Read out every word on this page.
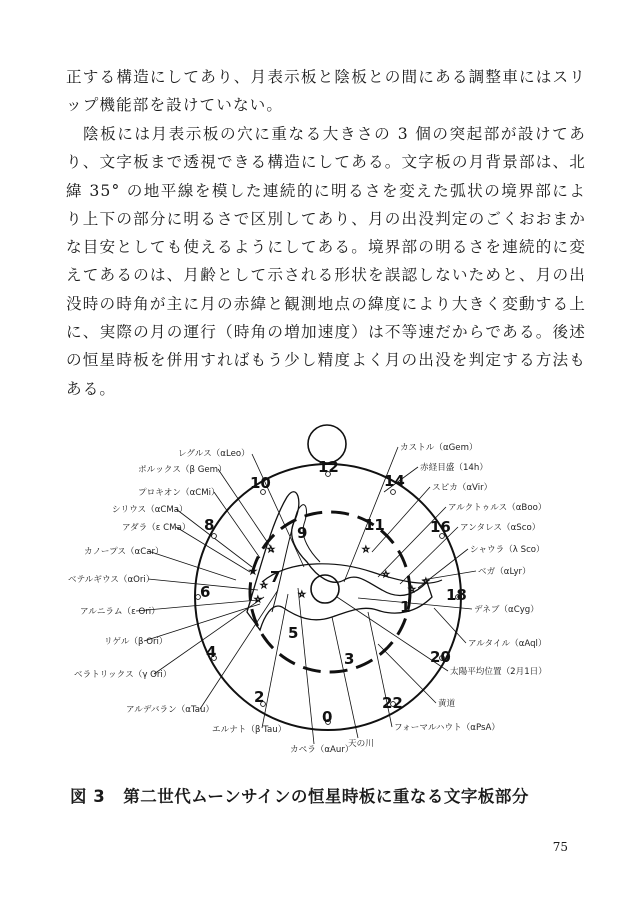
正する構造にしてあり、月表示板と陰板との間にある調整車にはスリップ機能部を設けていない。

陰板には月表示板の穴に重なる大きさの 3 個の突起部が設けてあり、文字板まで透視できる構造にしてある。文字板の月背景部は、北緯 35° の地平線を模した連続的に明るさを変えた弧状の境界部により上下の部分に明るさで区別してあり、月の出没判定のごくおおまかな目安としても使えるようにしてある。境界部の明るさを連続的に変えてあるのは、月齢として示される形状を誤認しないためと、月の出没時の時角が主に月の赤緯と観測地点の緯度により大きく変動する上に、実際の月の運行（時角の増加速度）は不等速だからである。後述の恒星時板を併用すればもう少し精度よく月の出没を判定する方法もある。

レグルス（αLeo）
ポルックス（β Gem）
プロキオン（αCMi）
シリウス（αCMa）
アダラ（ε CMa）
カノープス（αCar）
ベテルギウス（αOri）
アルニラム（ε Ori）
リゲル（β Ori）
ベラトリックス（γ Ori）
アルデバラン（αTau）
エルナト（β Tau）
カストル（αGem）
赤経目盛（14h）
スピカ（αVir）
アルクトゥルス（αBoo）
アンタレス（αSco）
シャウラ（λ Sco）
ベガ（αLyr）
デネブ（αCyg）
アルタイル（αAql）
太陽平均位置（2月1日）
黄道
フォーマルハウト（αPsA）
カペラ（αAur）
天の川
☆
☆
☆
☆
☆
☆
☆
☆
☆
0
2
4
6
8
10
12
14
16
18
20
22
1
3
5
7
9	11
図 3 第二世代ムーンサインの恒星時板に重なる文字板部分
75
